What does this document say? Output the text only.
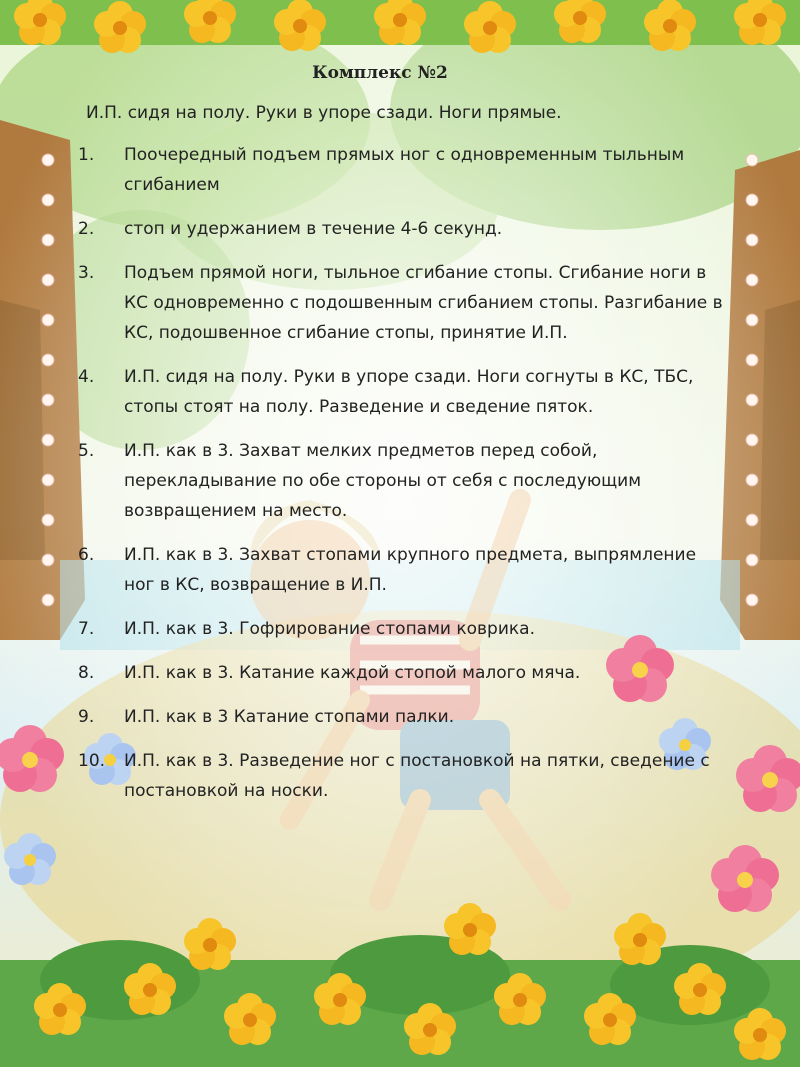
Комплекс №2
И.П. сидя на полу. Руки в упоре сзади. Ноги прямые.
1.	Поочередный подъем прямых ног с одновременным тыльным сгибанием
2.	стоп и удержанием в течение 4-6 секунд.
3.	Подъем прямой ноги, тыльное сгибание стопы. Сгибание ноги в КС одновременно с подошвенным сгибанием стопы. Разгибание в КС, подошвенное сгибание стопы, принятие И.П.
4.	И.П. сидя на полу. Руки в упоре сзади. Ноги согнуты в КС, ТБС, стопы стоят на полу. Разведение и сведение пяток.
5.	И.П. как в 3. Захват мелких предметов перед собой, перекладывание по обе стороны от себя с последующим возвращением на место.
6.	И.П. как в 3. Захват стопами крупного предмета, выпрямление ног в КС, возвращение в И.П.
7.	И.П. как в 3. Гофрирование стопами коврика.
8.	И.П. как в 3. Катание каждой стопой малого мяча.
9.	И.П. как в 3 Катание стопами палки.
10.	И.П. как в 3. Разведение ног с постановкой на пятки, сведение с постановкой на носки.
